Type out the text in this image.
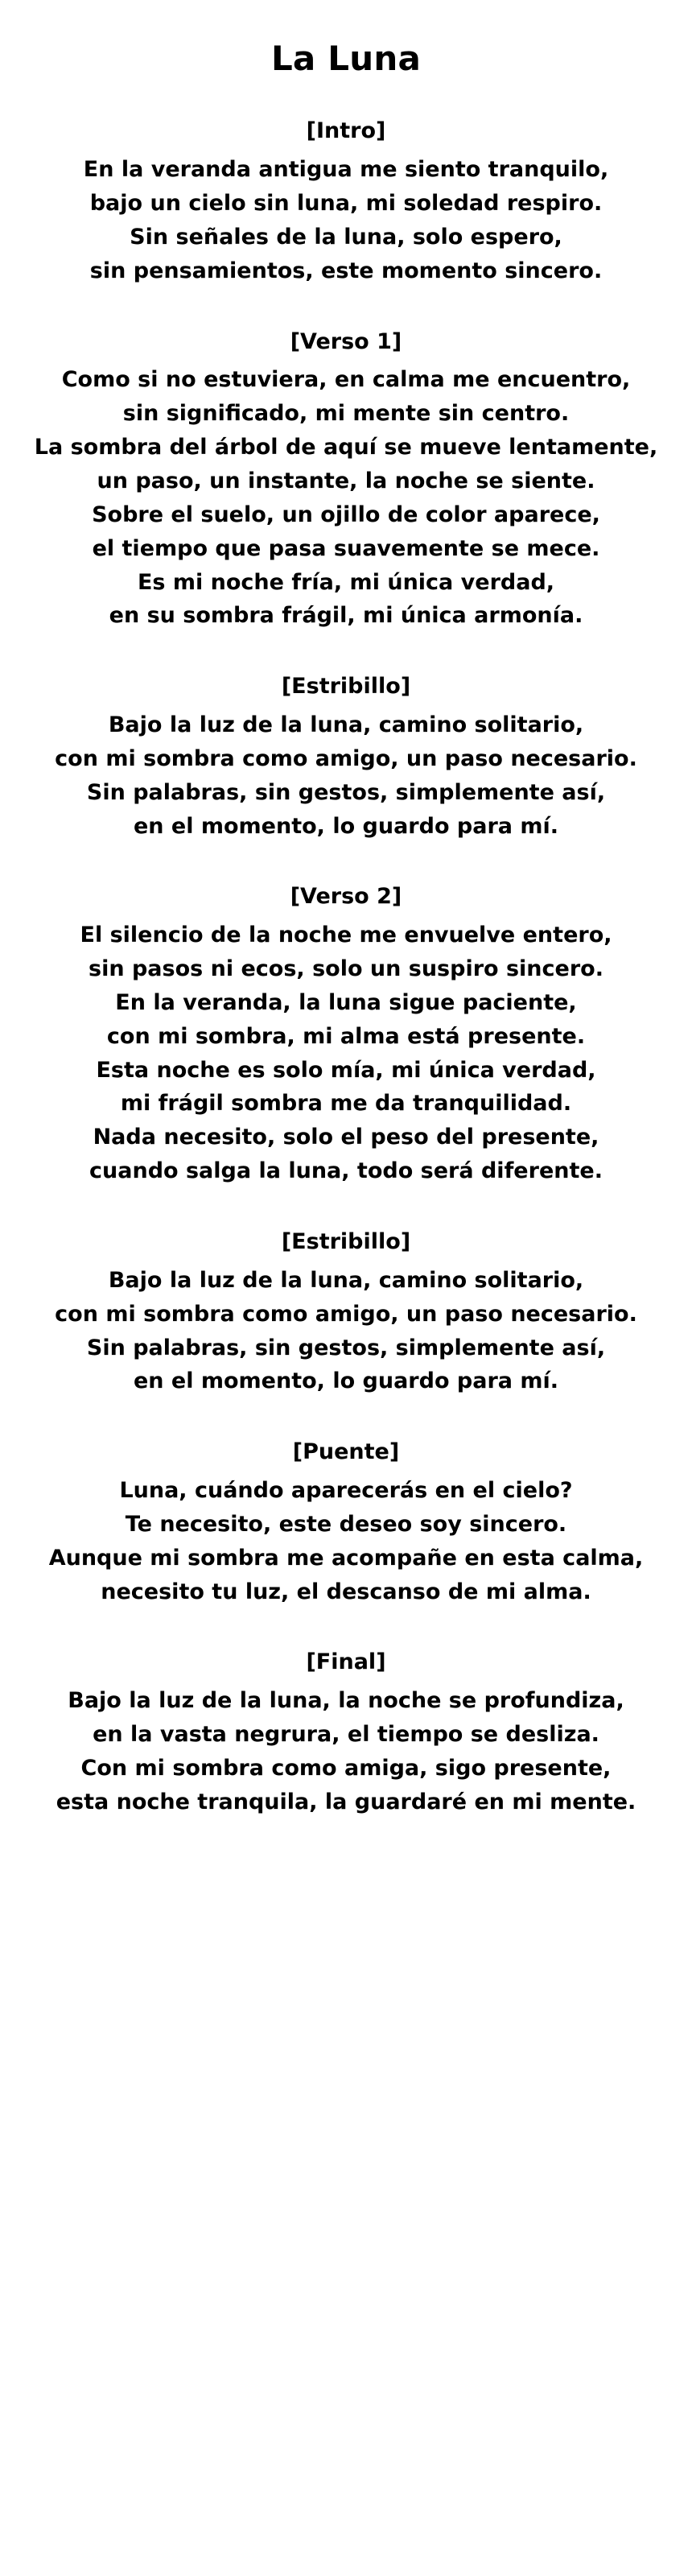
La Luna

[Intro]

En la veranda antigua me siento tranquilo,

bajo un cielo sin luna, mi soledad respiro.

Sin señales de la luna, solo espero,

sin pensamientos, este momento sincero.

[Verso 1]

Como si no estuviera, en calma me encuentro,

sin significado, mi mente sin centro.

La sombra del árbol de aquí se mueve lentamente,

un paso, un instante, la noche se siente.

Sobre el suelo, un ojillo de color aparece,

el tiempo que pasa suavemente se mece.

Es mi noche fría, mi única verdad,

en su sombra frágil, mi única armonía.

[Estribillo]

Bajo la luz de la luna, camino solitario,

con mi sombra como amigo, un paso necesario.

Sin palabras, sin gestos, simplemente así,

en el momento, lo guardo para mí.

[Verso 2]

El silencio de la noche me envuelve entero,

sin pasos ni ecos, solo un suspiro sincero.

En la veranda, la luna sigue paciente,

con mi sombra, mi alma está presente.

Esta noche es solo mía, mi única verdad,

mi frágil sombra me da tranquilidad.

Nada necesito, solo el peso del presente,

cuando salga la luna, todo será diferente.

[Estribillo]

Bajo la luz de la luna, camino solitario,

con mi sombra como amigo, un paso necesario.

Sin palabras, sin gestos, simplemente así,

en el momento, lo guardo para mí.

[Puente]

Luna, cuándo aparecerás en el cielo?

Te necesito, este deseo soy sincero.

Aunque mi sombra me acompañe en esta calma,

necesito tu luz, el descanso de mi alma.

[Final]

Bajo la luz de la luna, la noche se profundiza,

en la vasta negrura, el tiempo se desliza.

Con mi sombra como amiga, sigo presente,

esta noche tranquila, la guardaré en mi mente.
